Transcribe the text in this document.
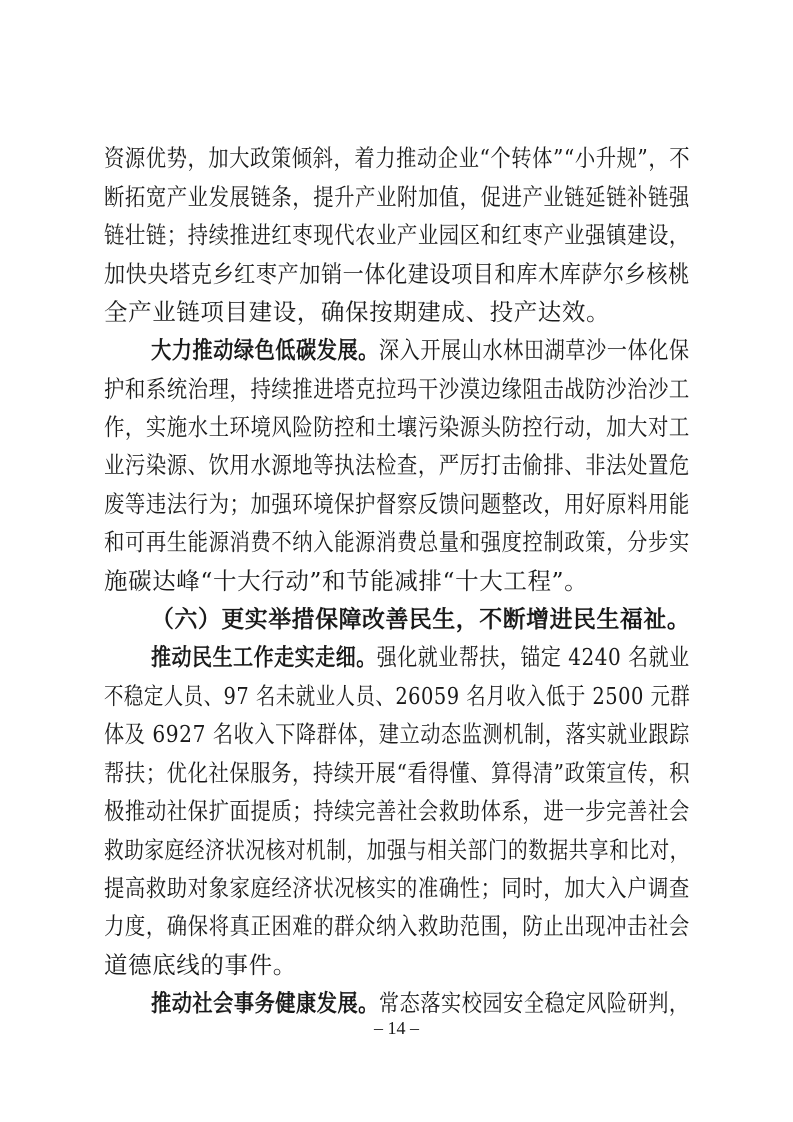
资源优势，加大政策倾斜，着力推动企业“个转体”“小升规”，不
断拓宽产业发展链条，提升产业附加值，促进产业链延链补链强
链壮链；持续推进红枣现代农业产业园区和红枣产业强镇建设，
加快央塔克乡红枣产加销一体化建设项目和库木库萨尔乡核桃
全产业链项目建设，确保按期建成、投产达效。
大力推动绿色低碳发展。深入开展山水林田湖草沙一体化保
护和系统治理，持续推进塔克拉玛干沙漠边缘阻击战防沙治沙工
作，实施水土环境风险防控和土壤污染源头防控行动，加大对工
业污染源、饮用水源地等执法检查，严厉打击偷排、非法处置危
废等违法行为；加强环境保护督察反馈问题整改，用好原料用能
和可再生能源消费不纳入能源消费总量和强度控制政策，分步实
施碳达峰“十大行动”和节能减排“十大工程”。
（六）更实举措保障改善民生，不断增进民生福祉。
推动民生工作走实走细。强化就业帮扶，锚定 4240 名就业
不稳定人员、97 名未就业人员、26059 名月收入低于 2500 元群
体及 6927 名收入下降群体，建立动态监测机制，落实就业跟踪
帮扶；优化社保服务，持续开展“看得懂、算得清”政策宣传，积
极推动社保扩面提质；持续完善社会救助体系，进一步完善社会
救助家庭经济状况核对机制，加强与相关部门的数据共享和比对，
提高救助对象家庭经济状况核实的准确性；同时，加大入户调查
力度，确保将真正困难的群众纳入救助范围，防止出现冲击社会
道德底线的事件。
推动社会事务健康发展。常态落实校园安全稳定风险研判，
– 14 –
